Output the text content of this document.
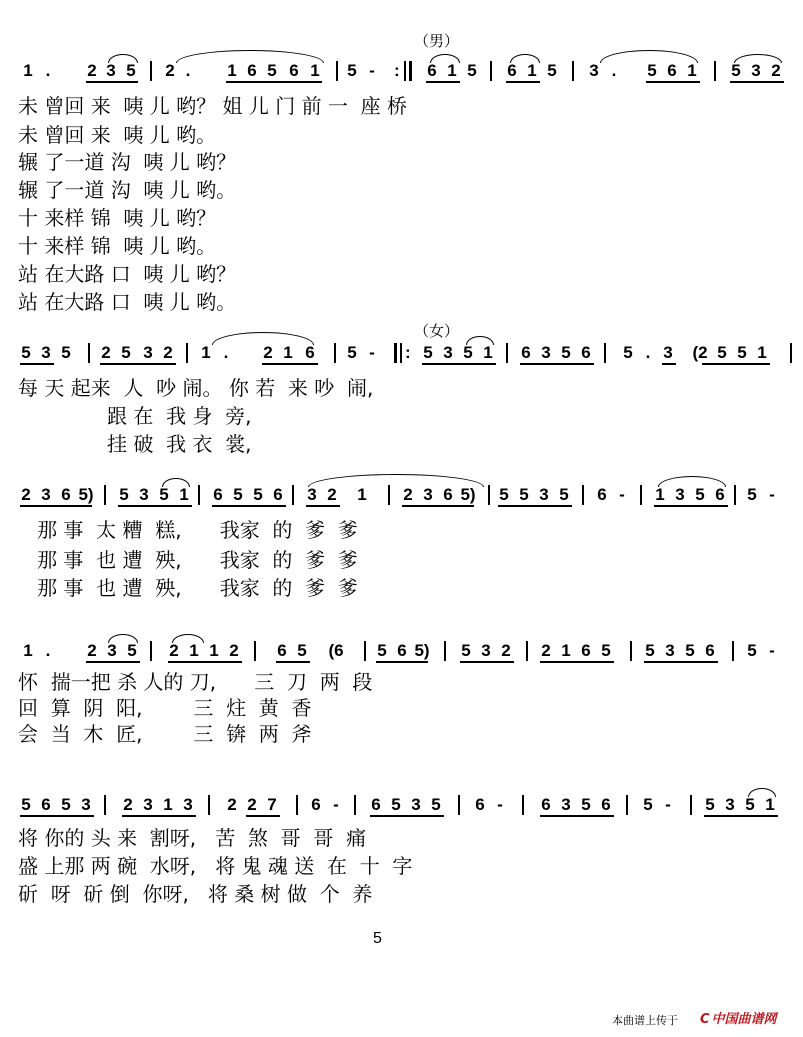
（男）
1 . 2 3 5 2 . 1 6 5 6 1 5 - : 6 1 5 6 1 5 3 . 5 6 1 5 3 2
未 曾回 来  咦 儿 哟？ 姐 儿 门 前 一  座 桥
未 曾回 来  咦 儿 哟。
辗 了一道 沟  咦 儿 哟？
辗 了一道 沟  咦 儿 哟。
十 来样 锦  咦 儿 哟？
十 来样 锦  咦 儿 哟。
站 在大路 口  咦 儿 哟？
站 在大路 口  咦 儿 哟。
（女）
5 3 5 2 5 3 2 1 . 2 1 6 5 - : 5 3 5 1 6 3 5 6 5 . 3 (2 5 5 1
每 天 起来  人  吵 闹。 你 若  来 吵  闹,
跟 在  我 身  旁,
挂 破  我 衣  裳,
2 3 6 5) 5 3 5 1 6 5 5 6 3 2 1 2 3 6 5) 5 5 3 5 6 - 1 3 5 6 5 -
那 事  太 糟  糕,      我家  的  爹  爹
那 事  也 遭  殃,      我家  的  爹  爹
那 事  也 遭  殃,      我家  的  爹  爹
1 . 2 3 5 2 1 1 2 6 5 (6 5 6 5) 5 3 2 2 1 6 5 5 3 5 6 5 -
怀  揣一把 杀 人的 刀,      三  刀  两  段
回  算  阴  阳,        三  炷  黄  香
会  当  木  匠,        三  锛  两  斧
5 6 5 3 2 3 1 3 2 2 7 6 - 6 5 3 5 6 - 6 3 5 6 5 - 5 3 5 1
将 你的 头 来  割呀,   苦  煞  哥  哥  痛
盛 上那 两 碗  水呀,   将 鬼 魂 送  在  十  字
斫  呀  斫 倒  你呀,   将 桑 树 做  个  养
5
本曲谱上传于 C 中国曲谱网
